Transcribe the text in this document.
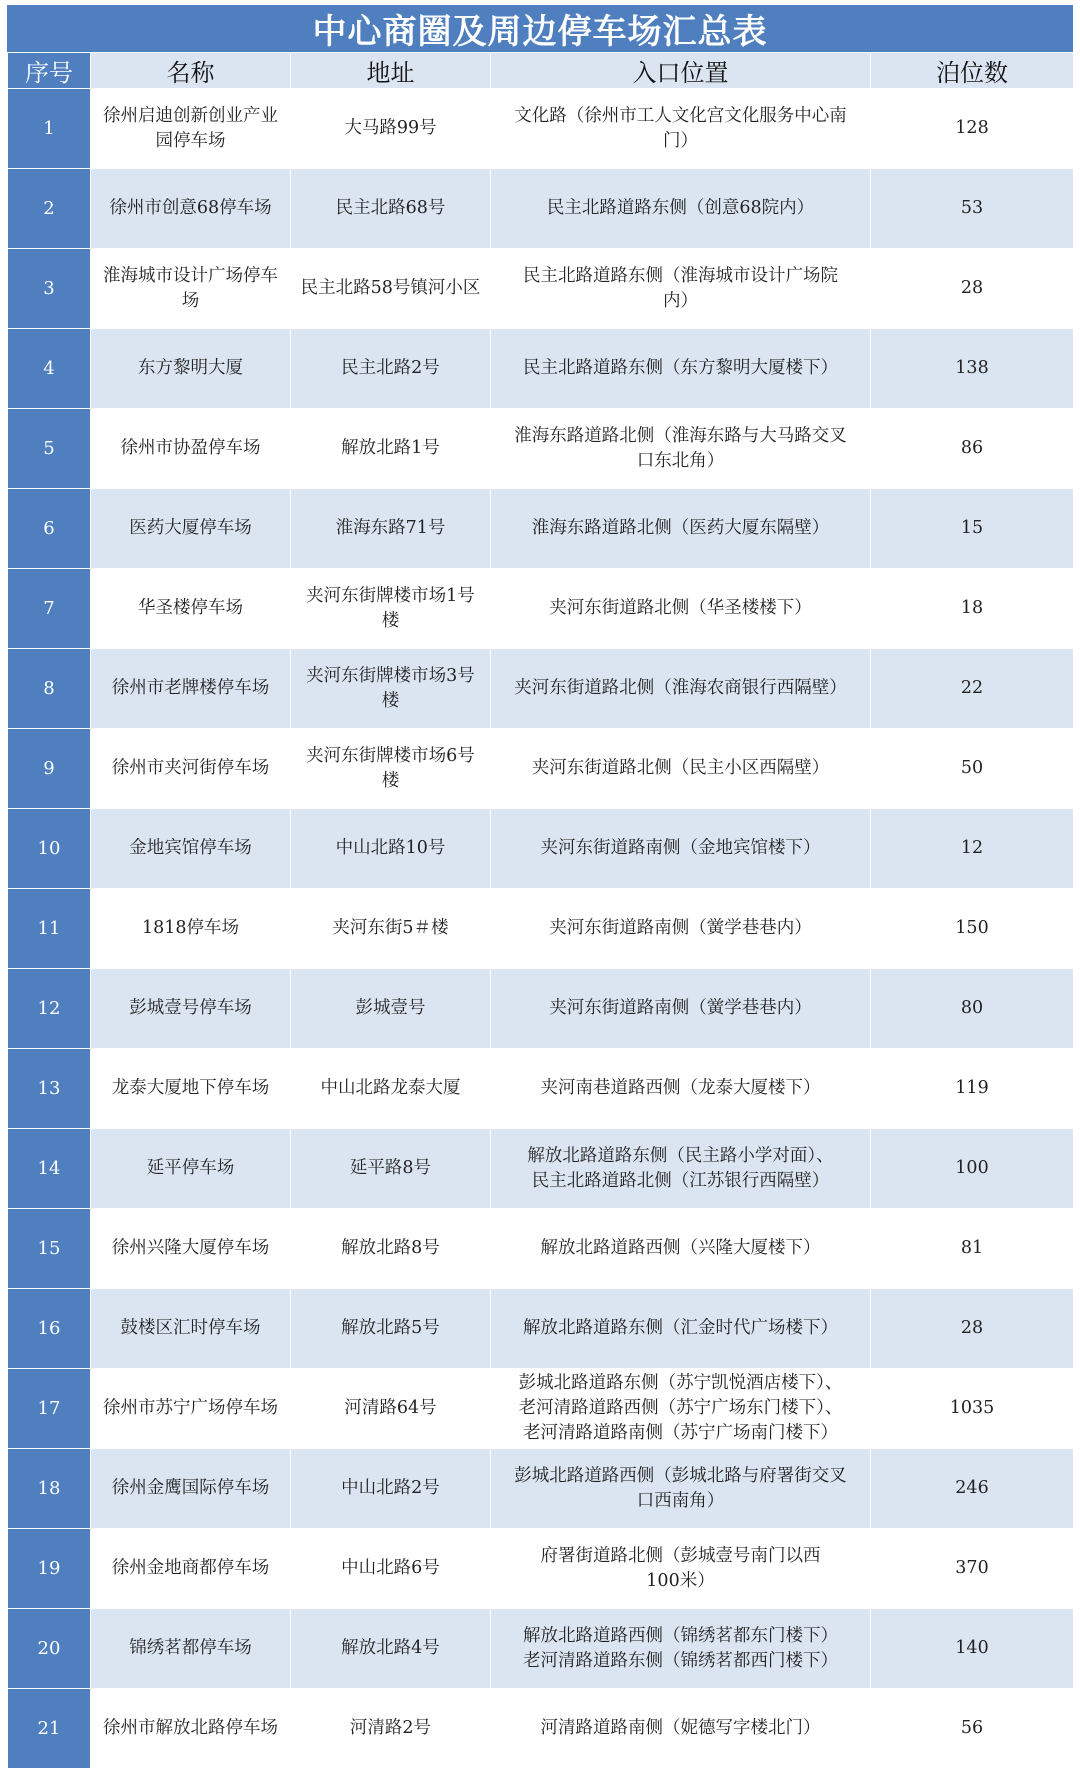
中心商圈及周边停车场汇总表
序号	名称	地址	入口位置	泊位数
1	徐州启迪创新创业产业
园停车场	大马路99号	文化路（徐州市工人文化宫文化服务中心南
门）	128
2	徐州市创意68停车场	民主北路68号	民主北路道路东侧（创意68院内）	53
3	淮海城市设计广场停车
场	民主北路58号镇河小区	民主北路道路东侧（淮海城市设计广场院
内）	28
4	东方黎明大厦	民主北路2号	民主北路道路东侧（东方黎明大厦楼下）	138
5	徐州市协盈停车场	解放北路1号	淮海东路道路北侧（淮海东路与大马路交叉
口东北角）	86
6	医药大厦停车场	淮海东路71号	淮海东路道路北侧（医药大厦东隔壁）	15
7	华圣楼停车场	夹河东街牌楼市场1号
楼	夹河东街道路北侧（华圣楼楼下）	18
8	徐州市老牌楼停车场	夹河东街牌楼市场3号
楼	夹河东街道路北侧（淮海农商银行西隔壁）	22
9	徐州市夹河街停车场	夹河东街牌楼市场6号
楼	夹河东街道路北侧（民主小区西隔壁）	50
10	金地宾馆停车场	中山北路10号	夹河东街道路南侧（金地宾馆楼下）	12
11	1818停车场	夹河东街5＃楼	夹河东街道路南侧（黉学巷巷内）	150
12	彭城壹号停车场	彭城壹号	夹河东街道路南侧（黉学巷巷内）	80
13	龙泰大厦地下停车场	中山北路龙泰大厦	夹河南巷道路西侧（龙泰大厦楼下）	119
14	延平停车场	延平路8号	解放北路道路东侧（民主路小学对面）、
民主北路道路北侧（江苏银行西隔壁）	100
15	徐州兴隆大厦停车场	解放北路8号	解放北路道路西侧（兴隆大厦楼下）	81
16	鼓楼区汇时停车场	解放北路5号	解放北路道路东侧（汇金时代广场楼下）	28
17	徐州市苏宁广场停车场	河清路64号	彭城北路道路东侧（苏宁凯悦酒店楼下）、
老河清路道路西侧（苏宁广场东门楼下）、
老河清路道路南侧（苏宁广场南门楼下）	1035
18	徐州金鹰国际停车场	中山北路2号	彭城北路道路西侧（彭城北路与府署街交叉
口西南角）	246
19	徐州金地商都停车场	中山北路6号	府署街道路北侧（彭城壹号南门以西
100米）	370
20	锦绣茗都停车场	解放北路4号	解放北路道路西侧（锦绣茗都东门楼下）
老河清路道路东侧（锦绣茗都西门楼下）	140
21	徐州市解放北路停车场	河清路2号	河清路道路南侧（妮德写字楼北门）	56
